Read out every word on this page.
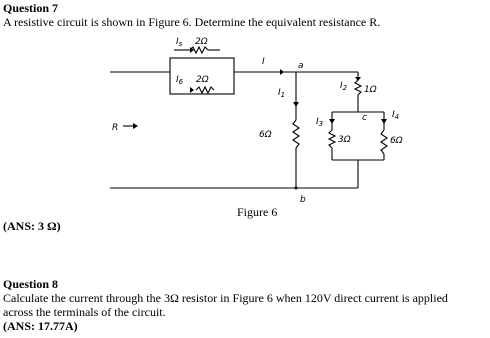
Question 7
A resistive circuit is shown in Figure 6. Determine the equivalent resistance R.
$I_s$ 2Ω
$I_6$ 2Ω
I	a
$I_1$
6Ω
$I_2$ 1Ω
c
$I_3$
3Ω
$I_4$
6Ω
b
R
Figure 6
(ANS: 3 Ω)
Question 8
Calculate the current through the 3Ω resistor in Figure 6 when 120V direct current is applied
across the terminals of the circuit.
(ANS: 17.77A)
